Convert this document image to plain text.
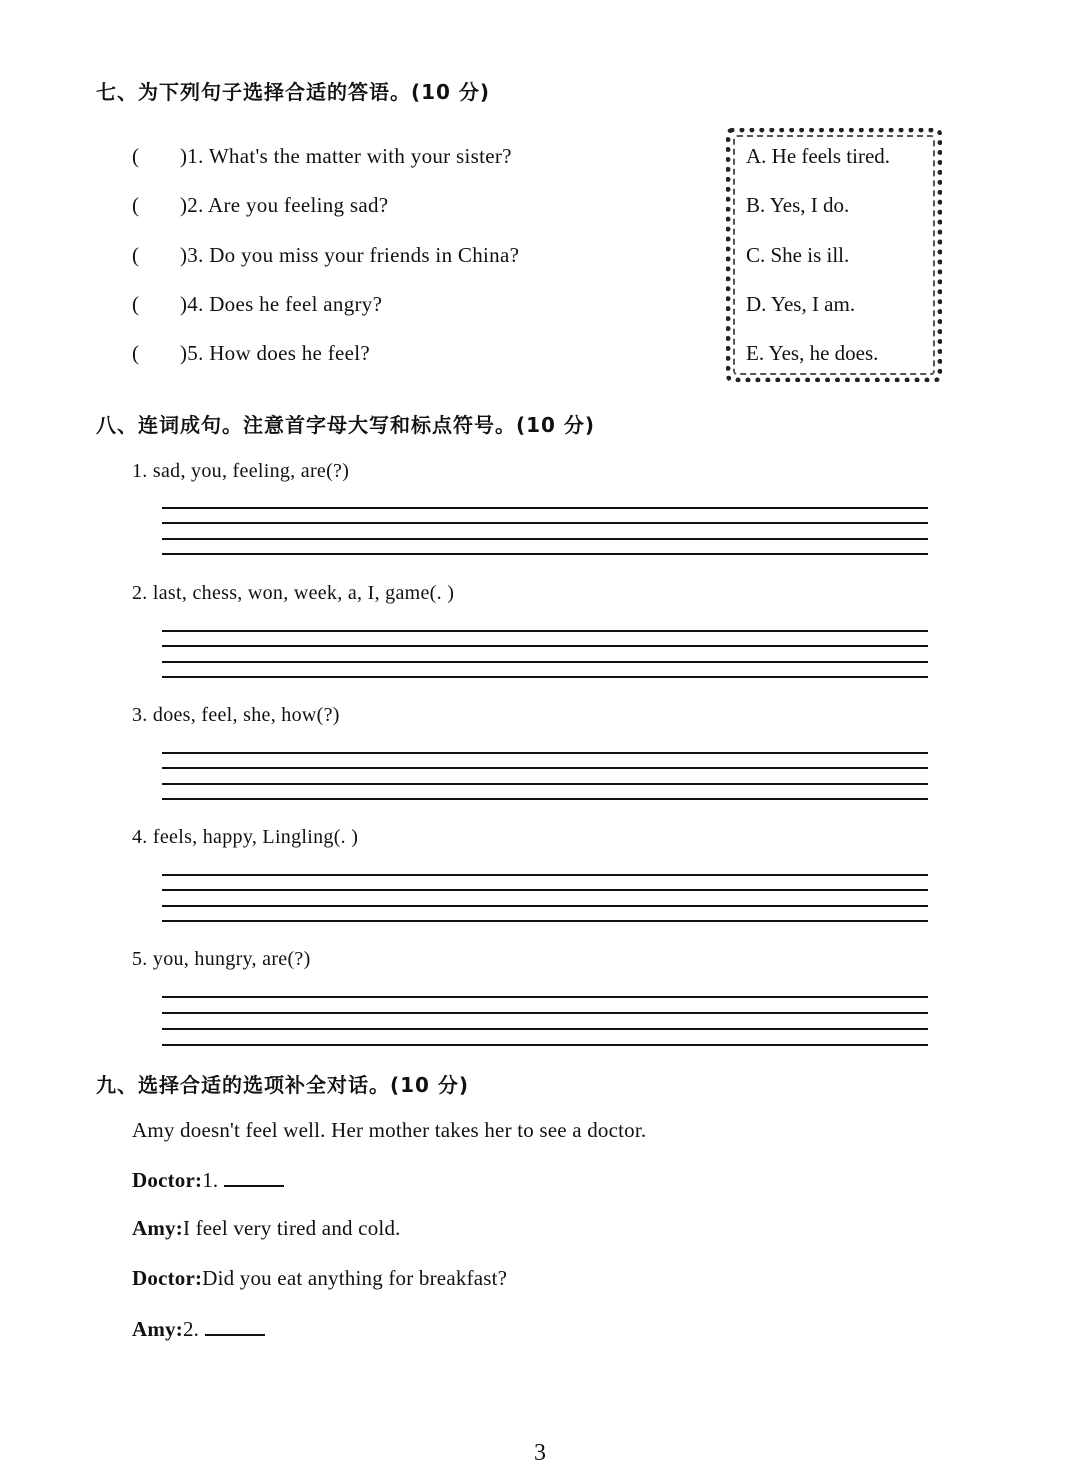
七、为下列句子选择合适的答语。(10 分)
( )1. What's the matter with your sister?
( )2. Are you feeling sad?
( )3. Do you miss your friends in China?
( )4. Does he feel angry?
( )5. How does he feel?
A. He feels tired.
B. Yes, I do.
C. She is ill.
D. Yes, I am.
E. Yes, he does.
八、连词成句。注意首字母大写和标点符号。(10 分)
1. sad, you, feeling, are(?)
2. last, chess, won, week, a, I, game(. )
3. does, feel, she, how(?)
4. feels, happy, Lingling(. )
5. you, hungry, are(?)
九、选择合适的选项补全对话。(10 分)
Amy doesn't feel well. Her mother takes her to see a doctor.
Doctor:1.
Amy:I feel very tired and cold.
Doctor:Did you eat anything for breakfast?
Amy:2.
3
